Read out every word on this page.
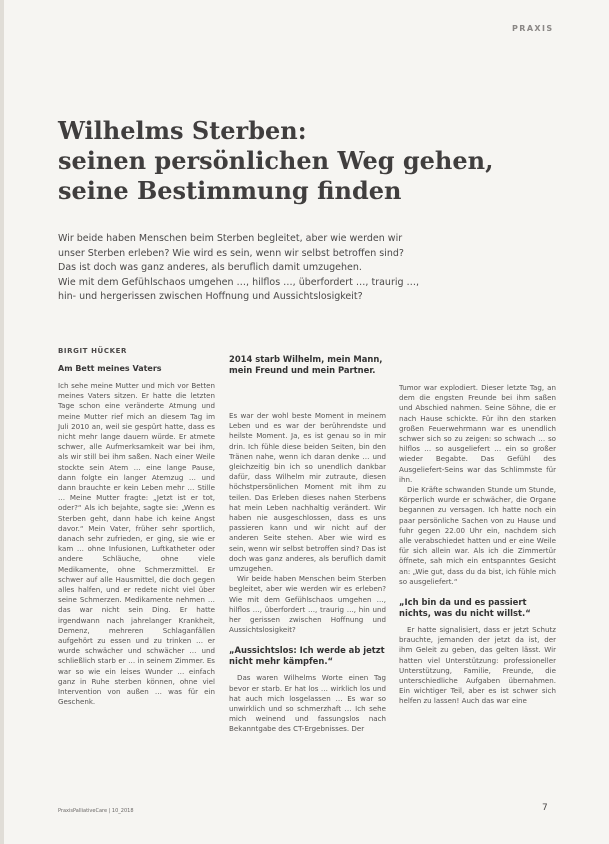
PRAXIS
Wilhelms Sterben:
seinen persönlichen Weg gehen,
seine Bestimmung finden
Wir beide haben Menschen beim Sterben begleitet, aber wie werden wir
unser Sterben erleben? Wie wird es sein, wenn wir selbst betroffen sind?
Das ist doch was ganz anderes, als beruflich damit umzugehen.
Wie mit dem Gefühlschaos umgehen …, hilflos …, überfordert …, traurig …,
hin- und hergerissen zwischen Hoffnung und Aussichtslosigkeit?
BIRGIT HÜCKER
Am Bett meines Vaters

Ich sehe meine Mutter und mich vor Betten meines Vaters sitzen. Er hatte die letzten Tage schon eine veränderte Atmung und meine Mutter rief mich an diesem Tag im Juli 2010 an, weil sie gespürt hatte, dass es nicht mehr lange dauern würde. Er atmete schwer, alle Aufmerksamkeit war bei ihm, als wir still bei ihm saßen. Nach einer Weile stockte sein Atem … eine lange Pause, dann folgte ein langer Atemzug … und dann brauchte er kein Leben mehr … Stille … Meine Mutter fragte: „Jetzt ist er tot, oder?“ Als ich bejahte, sagte sie: „Wenn es Sterben geht, dann habe ich keine Angst davor.“ Mein Vater, früher sehr sportlich, danach sehr zufrieden, er ging, sie wie er kam … ohne Infusionen, Luftkatheter oder andere Schläuche, ohne viele Medikamente, ohne Schmerzmittel. Er schwer auf alle Hausmittel, die doch gegen alles halfen, und er redete nicht viel über seine Schmerzen. Medikamente nehmen … das war nicht sein Ding. Er hatte irgendwann nach jahrelanger Krankheit, Demenz, mehreren Schlaganfällen aufgehört zu essen und zu trinken … er wurde schwächer und schwächer … und schließlich starb er … in seinem Zimmer. Es war so wie ein leises Wunder … einfach ganz in Ruhe sterben können, ohne viel Intervention von außen … was für ein Geschenk.

2014 starb Wilhelm, mein Mann, mein Freund und mein Partner.

Es war der wohl beste Moment in meinem Leben und es war der berührendste und heilste Moment. Ja, es ist genau so in mir drin. Ich fühle diese beiden Seiten, bin den Tränen nahe, wenn ich daran denke … und gleichzeitig bin ich so unendlich dankbar dafür, dass Wilhelm mir zutraute, diesen höchstpersönlichen Moment mit ihm zu teilen. Das Erleben dieses nahen Sterbens hat mein Leben nachhaltig verändert. Wir haben nie ausgeschlossen, dass es uns passieren kann und wir nicht auf der anderen Seite stehen. Aber wie wird es sein, wenn wir selbst betroffen sind? Das ist doch was ganz anderes, als beruflich damit umzugehen.

Wir beide haben Menschen beim Sterben begleitet, aber wie werden wir es erleben? Wie mit dem Gefühlschaos umgehen …, hilflos …, überfordert …, traurig …, hin und her gerissen zwischen Hoffnung und Aussichtslosigkeit?

„Aussichtslos: Ich werde ab jetzt nicht mehr kämpfen.“

Das waren Wilhelms Worte einen Tag bevor er starb. Er hat los … wirklich los und hat auch mich losgelassen … Es war so unwirklich und so schmerzhaft … Ich sehe mich weinend und fassungslos nach Bekanntgabe des CT-Ergebnisses. Der

Tumor war explodiert. Dieser letzte Tag, an dem die engsten Freunde bei ihm saßen und Abschied nahmen. Seine Söhne, die er nach Hause schickte. Für ihn den starken großen Feuerwehrmann war es unendlich schwer sich so zu zeigen: so schwach … so hilflos … so ausgeliefert … ein so großer wieder Begabte. Das Gefühl des Ausgeliefert-Seins war das Schlimmste für ihn.

Die Kräfte schwanden Stunde um Stunde, Körperlich wurde er schwächer, die Organe begannen zu versagen. Ich hatte noch ein paar persönliche Sachen von zu Hause und fuhr gegen 22.00 Uhr ein, nachdem sich alle verabschiedet hatten und er eine Weile für sich allein war. Als ich die Zimmertür öffnete, sah mich ein entspanntes Gesicht an: „Wie gut, dass du da bist, ich fühle mich so ausgeliefert.“

„Ich bin da und es passiert nichts, was du nicht willst.“

Er hatte signalisiert, dass er jetzt Schutz brauchte, jemanden der jetzt da ist, der ihm Geleit zu geben, das gelten lässt. Wir hatten viel Unterstützung: professioneller Unterstützung, Familie, Freunde, die unterschiedliche Aufgaben übernahmen. Ein wichtiger Teil, aber es ist schwer sich helfen zu lassen! Auch das war eine

PraxisPalliativeCare | 10_2018	7
